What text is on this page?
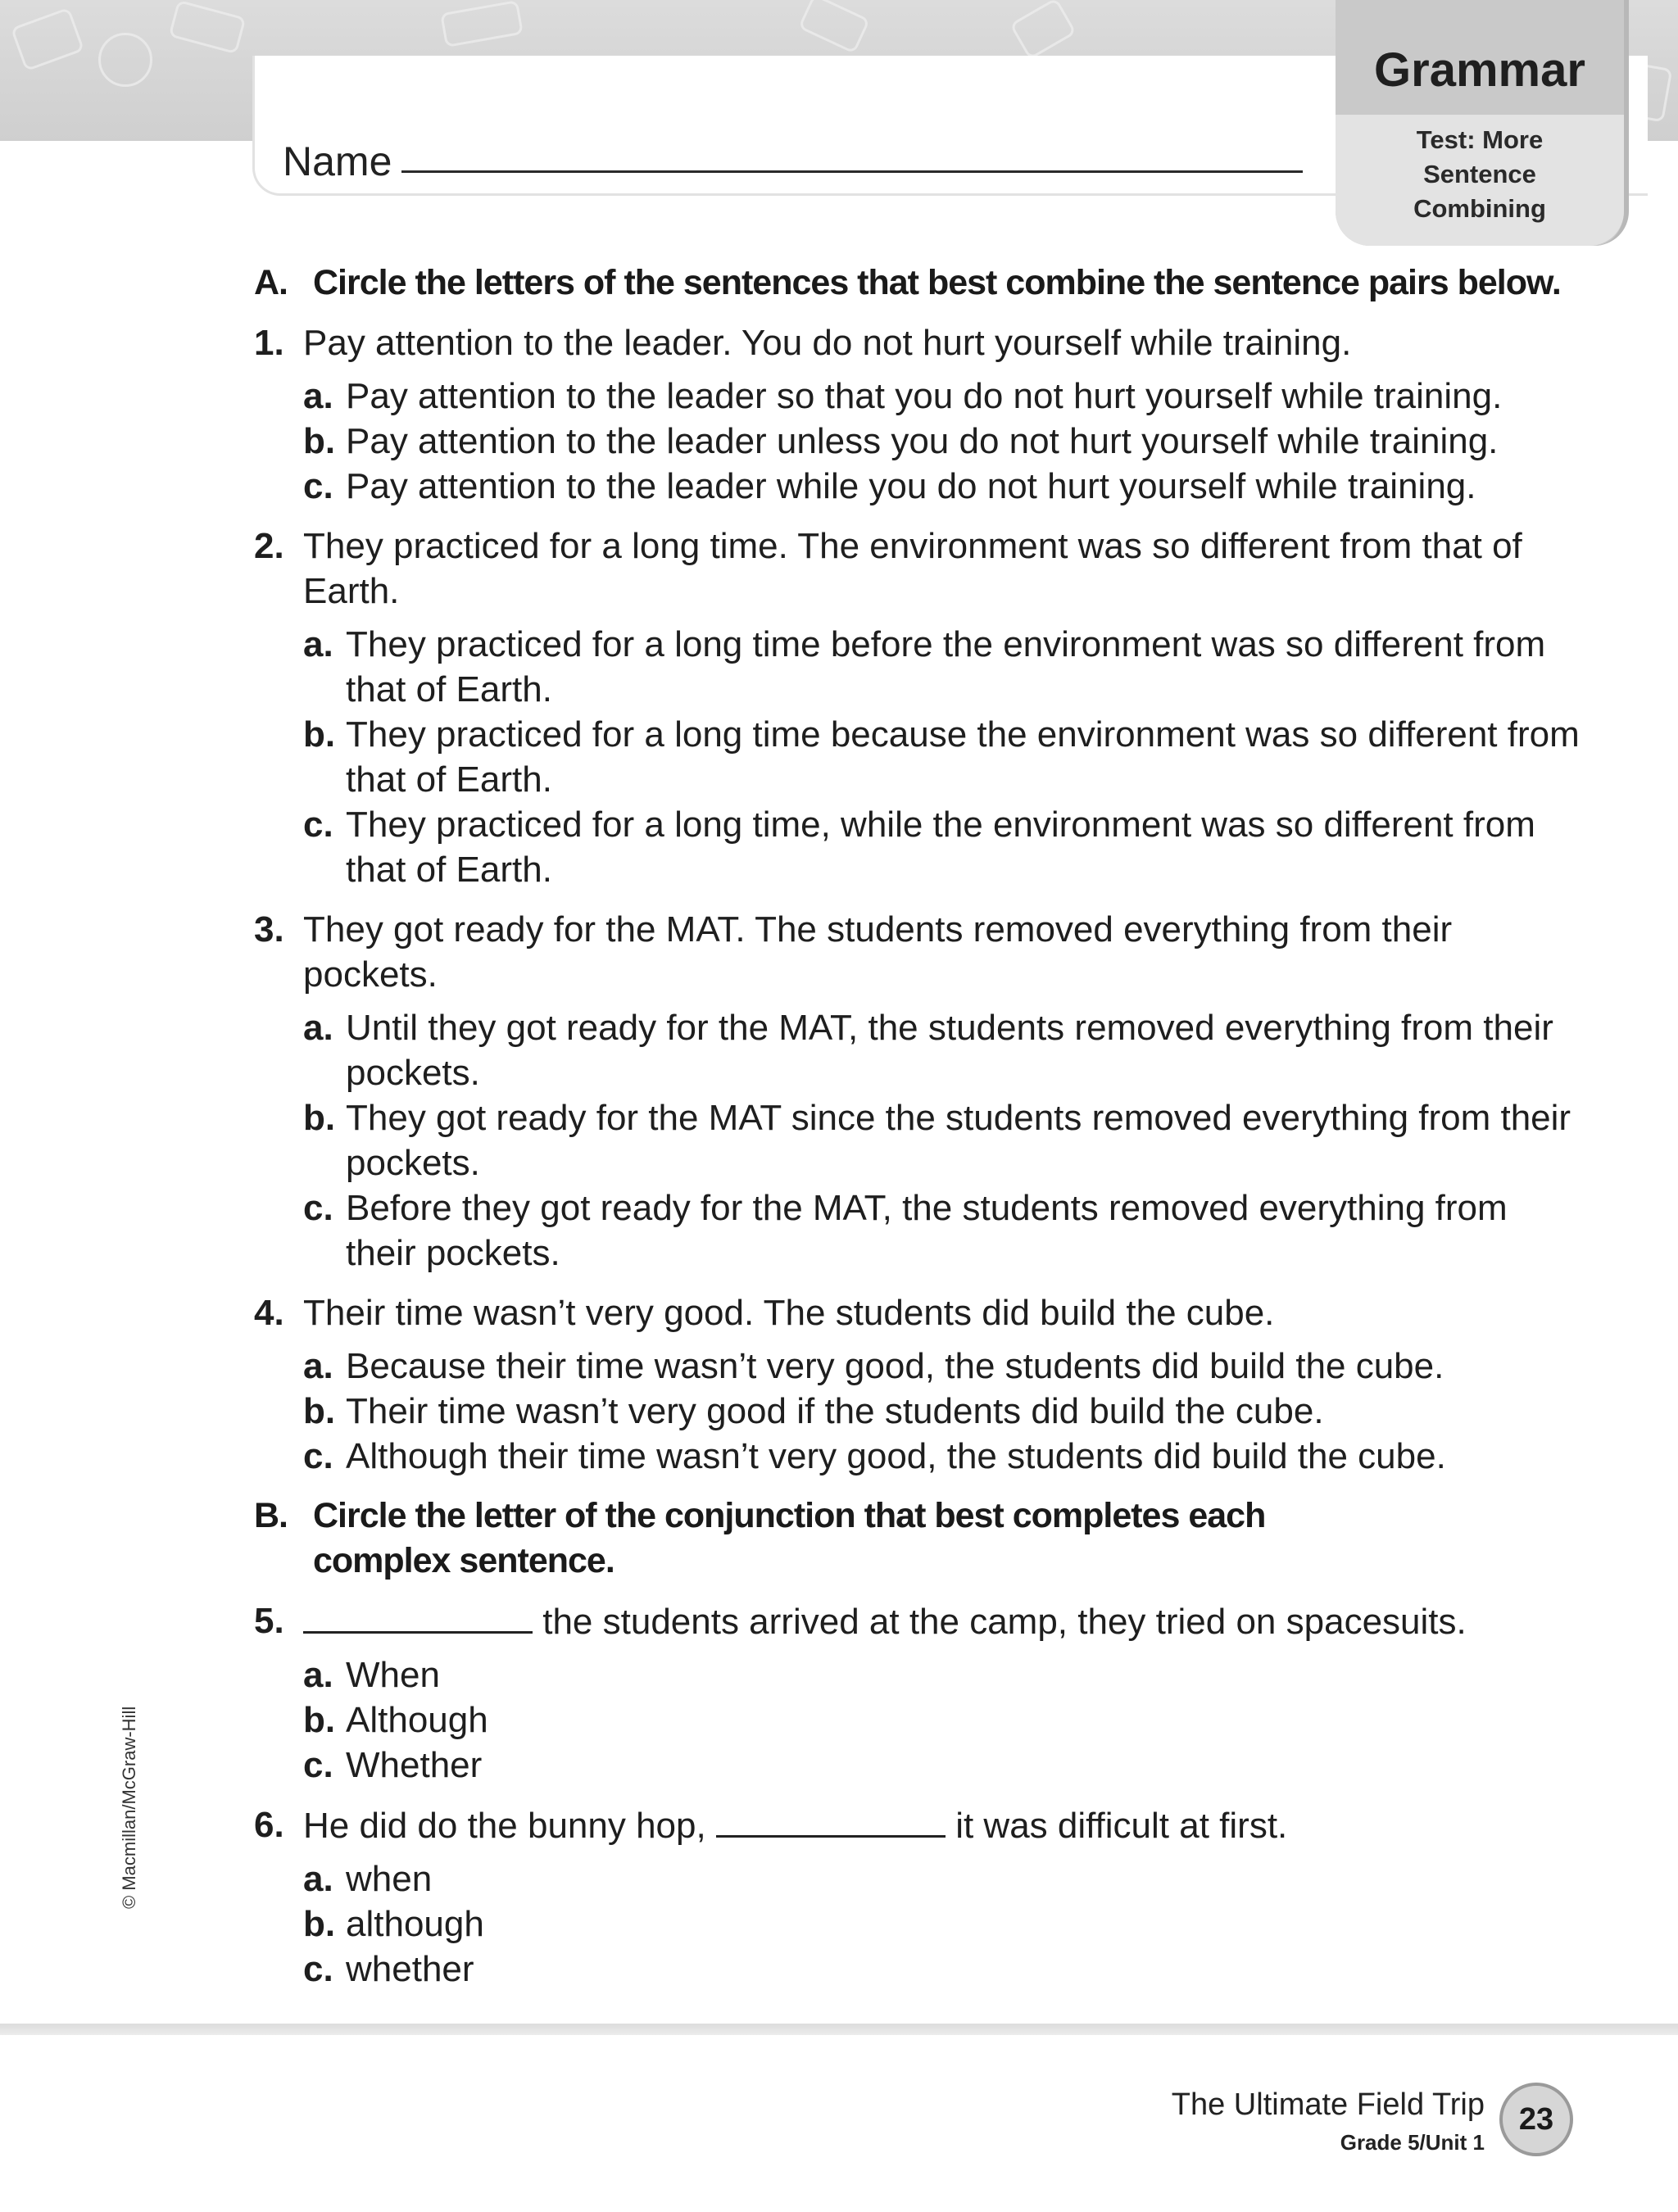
Name
Grammar
Test: More Sentence Combining
A. Circle the letters of the sentences that best combine the sentence pairs below.
1. Pay attention to the leader. You do not hurt yourself while training.
a. Pay attention to the leader so that you do not hurt yourself while training.
b. Pay attention to the leader unless you do not hurt yourself while training.
c. Pay attention to the leader while you do not hurt yourself while training.
2. They practiced for a long time. The environment was so different from that of Earth.
a. They practiced for a long time before the environment was so different from that of Earth.
b. They practiced for a long time because the environment was so different from that of Earth.
c. They practiced for a long time, while the environment was so different from that of Earth.
3. They got ready for the MAT. The students removed everything from their pockets.
a. Until they got ready for the MAT, the students removed everything from their pockets.
b. They got ready for the MAT since the students removed everything from their pockets.
c. Before they got ready for the MAT, the students removed everything from their pockets.
4. Their time wasn’t very good. The students did build the cube.
a. Because their time wasn’t very good, the students did build the cube.
b. Their time wasn’t very good if the students did build the cube.
c. Although their time wasn’t very good, the students did build the cube.
B. Circle the letter of the conjunction that best completes each complex sentence.
5.	the students arrived at the camp, they tried on spacesuits.
a. When
b. Although
c. Whether
6. He did do the bunny hop,	it was difficult at first.
a. when
b. although
c. whether
© Macmillan/McGraw-Hill
The Ultimate Field Trip
Grade 5/Unit 1
23
